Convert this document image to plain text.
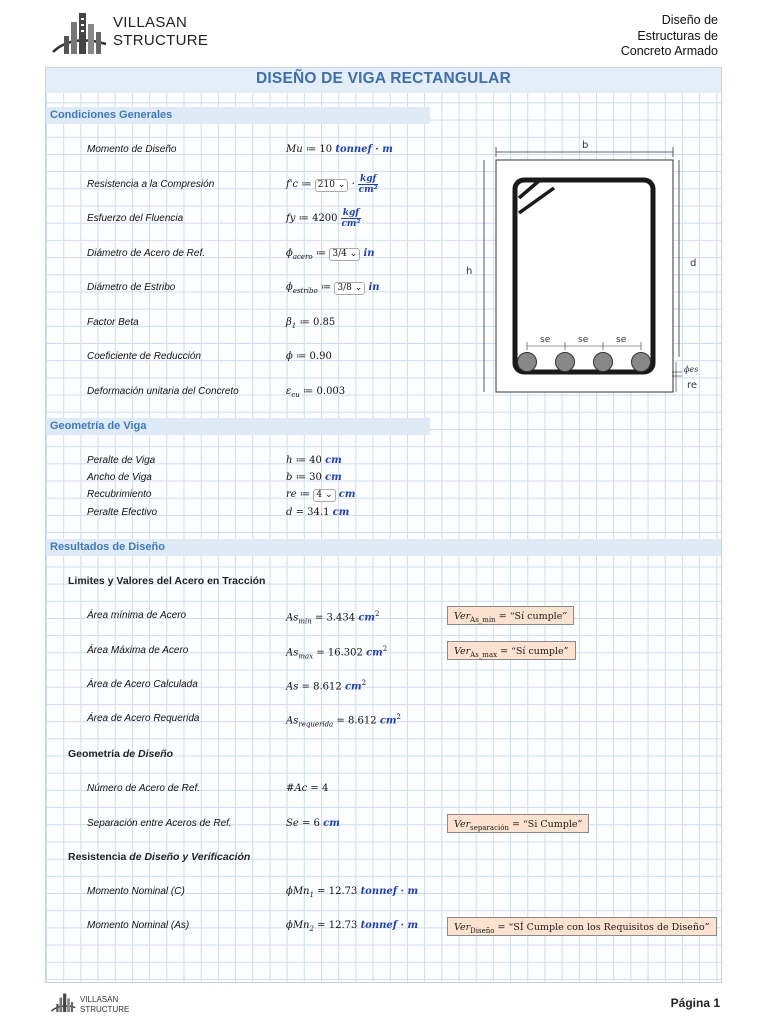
VILLASAN
STRUCTURE
Diseño de
Estructuras de
Concreto Armado
DISEÑO DE VIGA RECTANGULAR
Condiciones Generales
Momento de Diseño	Mu ≔ 10 tonnef · m
Resistencia a la Compresión	f'c ≔ 210 ⌄ · $\frac{\text{kgf}}{\text{cm²}}$
Esfuerzo del Fluencia	fy ≔ $4200 \frac{\text{kgf}}{\text{cm²}}$
Diámetro de Acero de Ref.	$\phi_{acero}$ ≔ 3/4 ⌄ in
Diámetro de Estribo	$\phi_{estribo}$ ≔ 3/8 ⌄ in
Factor Beta	$\beta_1$ ≔ 0.85
Coeficiente de Reducción	ϕ ≔ 0.90
Deformación unitaria del Concreto	$\varepsilon_{cu}$ ≔ 0.003
b
h
d
se	se	se
ϕes
re
Geometría de Viga
Peralte de Viga	h ≔ 40 cm
Ancho de Viga	b ≔ 30 cm
Recubrimiento	re ≔ 4 ⌄ cm
Peralte Efectivo	d = 34.1 cm
Resultados de Diseño
Limites y Valores del Acero en Tracción
Área mínima de Acero	$As_{min} = 3.434$ $cm^2$	Ver$_{As\_min}$ = “Sí cumple”
Área Máxima de Acero	$As_{max} = 16.302$ $cm^2$	Ver$_{As\_max}$ = “Sí cumple”
Área de Acero Calculada	As = 8.612 $cm^2$
Área de Acero Requerida	$As_{requerida} = 8.612$ $cm^2$
Geometría de Diseño
Número de Acero de Ref.	#Ac = 4
Separación entre Aceros de Ref.	Se = 6 cm	Ver$_{separación}$ = “Si Cumple”
Resistencia de Diseño y Verificación
Momento Nominal (C)	ϕMn$_1$ = 12.73 tonnef · m
Momento Nominal (As)	ϕMn$_2$ = 12.73 tonnef · m	Ver$_{Diseño}$ = “SÍ Cumple con los Requisitos de Diseño”
VILLASAN
STRUCTURE	Página 1
